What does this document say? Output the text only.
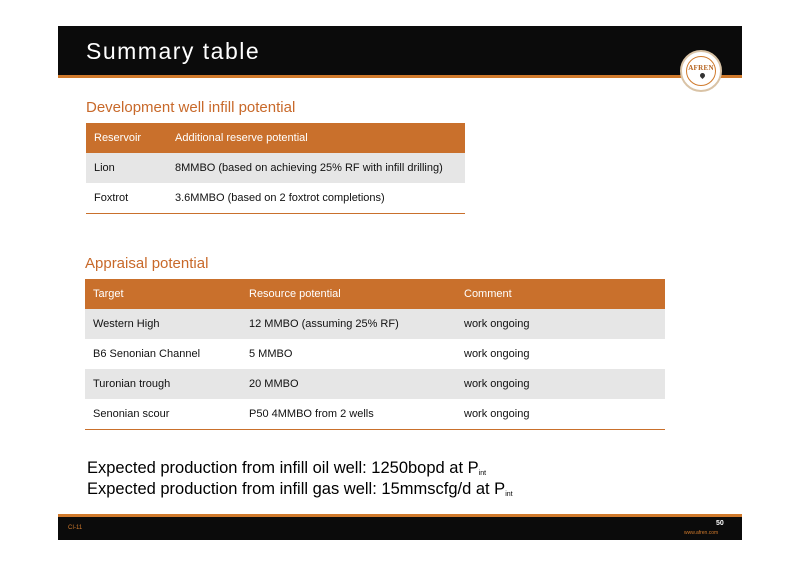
Summary table
AFREN
Development well infill potential
Reservoir	Additional reserve potential
Lion	8MMBO (based on achieving 25% RF with infill drilling)
Foxtrot	3.6MMBO (based on 2 foxtrot completions)
Appraisal potential
Target	Resource potential	Comment
Western High	12 MMBO (assuming 25% RF)	work ongoing
B6 Senonian Channel	5 MMBO	work ongoing
Turonian trough	20 MMBO	work ongoing
Senonian scour	P50 4MMBO from 2 wells	work ongoing
Expected production from infill oil well: 1250bopd at $P_{int}$
Expected production from infill gas well: 15mmscfg/d at $P_{int}$
CI-11
50
www.afren.com
